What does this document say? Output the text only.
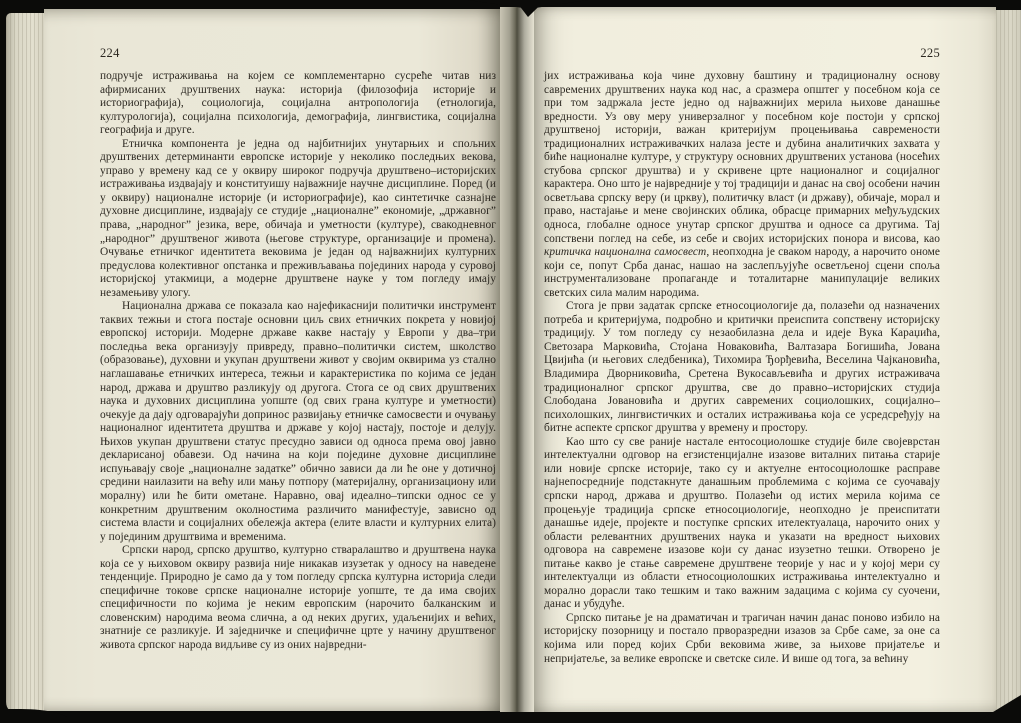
224

подручје истраживања на којем се комплементарно сусреће читав низ афирмисаних друштвених наука: историја (филозофија историје и историографија), социологија, социјална антропологија (етнологија, културологија), социјална психологија, демографија, лингвистика, социјална географија и друге.

Етничка компонента је једна од најбитнијих унутарњих и спољних друштвених детерминанти европске историје у неколико последњих векова, управо у времену кад се у оквиру широког подручја друштвено–историјских истраживања издвајају и конституишу најважније научне дисциплине. Поред (и у оквиру) националне историје (и историографије), као синтетичке сазнајне духовне дисциплине, издвајају се студије „националне” економије, „државног” права, „народног” језика, вере, обичаја и уметности (културе), свакодневног „народног” друштвеног живота (његове структуре, организације и промена). Очување етничког идентитета вековима је један од најважнијих културних предуслова колективног опстанка и преживљавања појединих народа у суровој историјској утакмици, а модерне друштвене науке у том погледу имају незамењиву улогу.

Национална држава се показала као најефикаснији политички инструмент таквих тежњи и стога постаје основни циљ свих етничких покрета у новијој европској историји. Модерне државе какве настају у Европи у два–три последња века организују привреду, правно–политички систем, школство (образовање), духовни и укупан друштвени живот у својим оквирима уз стално наглашавање етничких интереса, тежњи и карактеристика по којима се један народ, држава и друштво разликују од другога. Стога се од свих друштвених наука и духовних дисциплина уопште (од свих грана културе и уметности) очекује да дају одговарајући допринос развијању етничке самосвести и очувању националног идентитета друштва и државе у којој настају, постоје и делују. Њихов укупан друштвени статус пресудно зависи од односа према овој јавно декларисаној обавези. Од начина на који поједине духовне дисциплине испуњавају своје „националне задатке” обично зависи да ли ће оне у дотичној средини наилазити на већу или мању потпору (материјалну, организациону или моралну) или ће бити ометане. Наравно, овај идеално–типски однос се у конкретним друштвеним околностима различито манифестује, зависно од система власти и социјалних обележја актера (елите власти и културних елита) у појединим друштвима и временима.

Српски народ, српско друштво, културно стваралаштво и друштвена наука која се у њиховом оквиру развија није никакав изузетак у односу на наведене тенденције. Природно је само да у том погледу српска културна историја следи специфичне токове српске националне историје уопште, те да има својих специфичности по којима је неким европским (нарочито балканским и словенским) народима веома слична, а од неких других, удаљенијих и већих, знатније се разликује. И заједничке и специфичне црте у начину друштвеног живота српског народа видљиве су из оних највредни-

225

јих истраживања која чине духовну баштину и традиционалну основу савремених друштвених наука код нас, а сразмера општег у посебном која се при том задржала јесте једно од најважнијих мерила њихове данашње вредности. Уз ову меру универзалног у посебном које постоји у српској друштвеној историји, важан критеријум процењивања савремености традиционалних истраживачких налаза јесте и дубина аналитичких захвата у биће националне културе, у структуру основних друштвених установа (носећих стубова српског друштва) и у скривене црте националног и социјалног карактера. Оно што је највредније у тој традицији и данас на свој особени начин осветљава српску веру (и цркву), политичку власт (и државу), обичаје, морал и право, настајање и мене својинских облика, обрасце примарних међуљудских односа, глобалне односе унутар српског друштва и односе са другима. Тај сопствени поглед на себе, из себе и својих историјских понора и висова, као критичка национална самосвест, неопходна је сваком народу, а нарочито ономе који се, попут Срба данас, нашао на заслепљујуће осветљеној сцени споља инструментализоване пропаганде и тоталитарне манипулације великих светских сила малим народима.

Стога је први задатак српске етносоциологије да, полазећи од назначених потреба и критеријума, подробно и критички преиспита сопствену историјску традицију. У том погледу су незаобилазна дела и идеје Вука Караџића, Светозара Марковића, Стојана Новаковића, Валтазара Богишића, Јована Цвијића (и његових следбеника), Тихомира Ђорђевића, Веселина Чајкановића, Владимира Дворниковића, Сретена Вукосављевића и других истраживача традиционалног српског друштва, све до правно–историјских студија Слободана Јовановића и других савремених социолошких, социјално–психолошких, лингвистичких и осталих истраживања која се усредсређују на битне аспекте српског друштва у времену и простору.

Као што су све раније настале ентосоциолошке студије биле својеврстан интелектуални одговор на егзистенцијалне изазове виталних питања старије или новије српске историје, тако су и актуелне ентосоциолошке расправе најнепосредније подстакнуте данашњим проблемима с којима се суочавају српски народ, држава и друштво. Полазећи од истих мерила којима се процењује традиција српске етносоциологије, неопходно је преиспитати данашње идеје, пројекте и поступке српских ителектуалаца, нарочито оних у области релевантних друштвених наука и указати на вредност њихових одговора на савремене изазове који су данас изузетно тешки. Отворено је питање какво је стање савремене друштвене теорије у нас и у којој мери су интелектуалци из области етносоциолошких истраживања интелектуално и морално дорасли тако тешким и тако важним задацима с којима су суочени, данас и убудуће.

Српско питање је на драматичан и трагичан начин данас поново избило на историјску позорницу и постало прворазредни изазов за Србе саме, за оне са којима или поред којих Срби вековима живе, за њихове пријатеље и непријатеље, за велике европске и светске силе. И више од тога, за већину
